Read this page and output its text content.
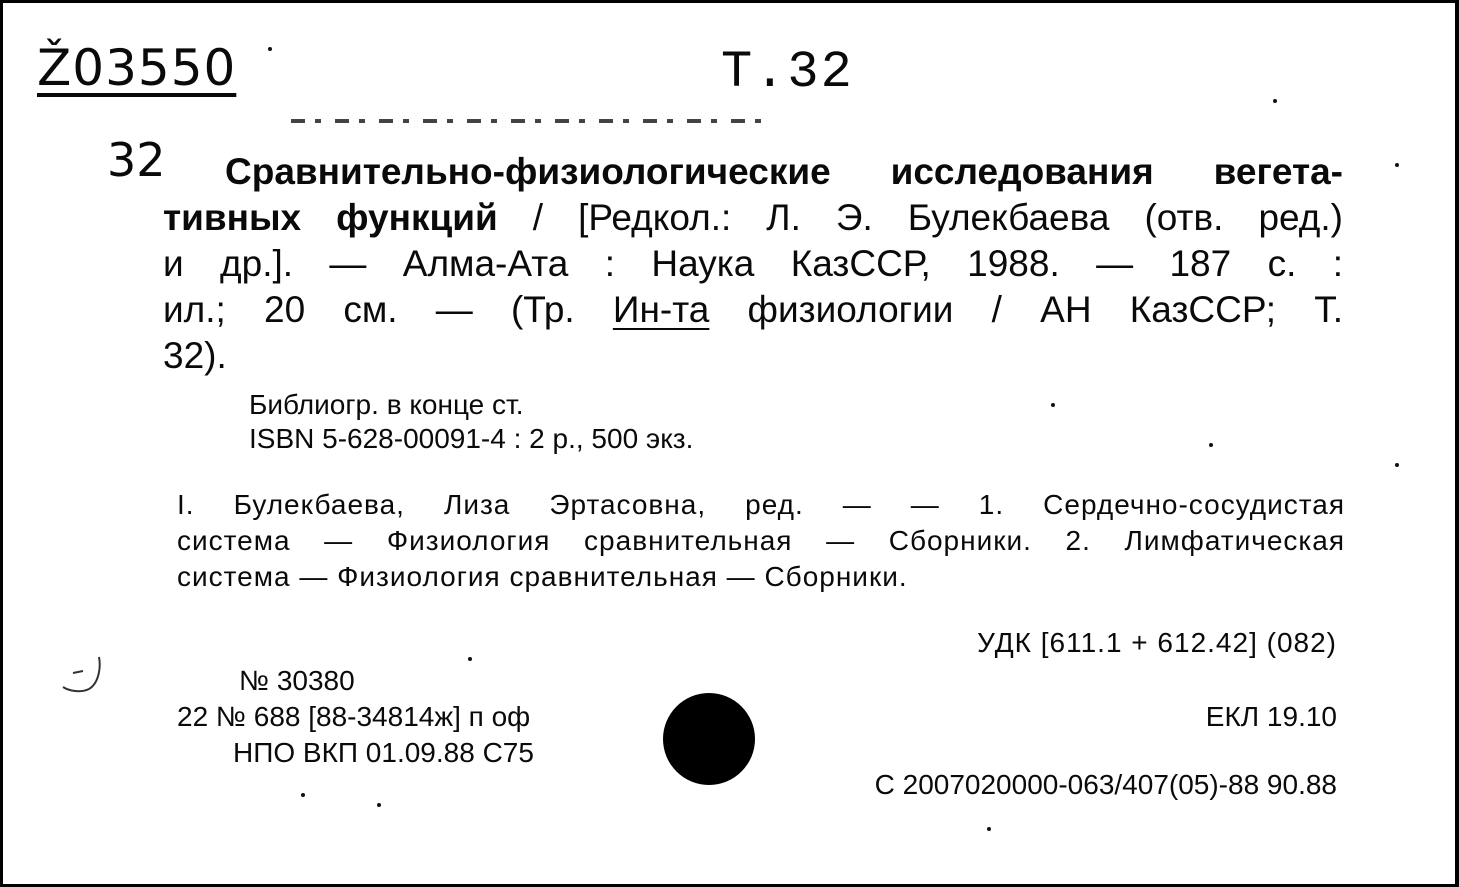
Ž03550	Т.32
32	Сравнительно-физиологические исследования вегета-
тивных функций / [Редкол.: Л. Э. Булекбаева (отв. ред.)
и др.]. — Алма-Ата : Наука КазССР, 1988. — 187 с. :
ил.; 20 см. — (Тр. Ин-та физиологии / АН КазССР; Т.
32).
Библиогр. в конце ст.
ISBN 5-628-00091-4 : 2 р., 500 экз.
I. Булекбаева, Лиза Эртасовна, ред. — — 1. Сердечно-сосудистая
система — Физиология сравнительная — Сборники. 2. Лимфатическая
система — Физиология сравнительная — Сборники.
УДК [611.1 + 612.42] (082)
№ 30380
22 № 688 [88-34814ж] п оф
НПО ВКП 01.09.88 С75
ЕКЛ 19.10
С 2007020000-063/407(05)-88 90.88
